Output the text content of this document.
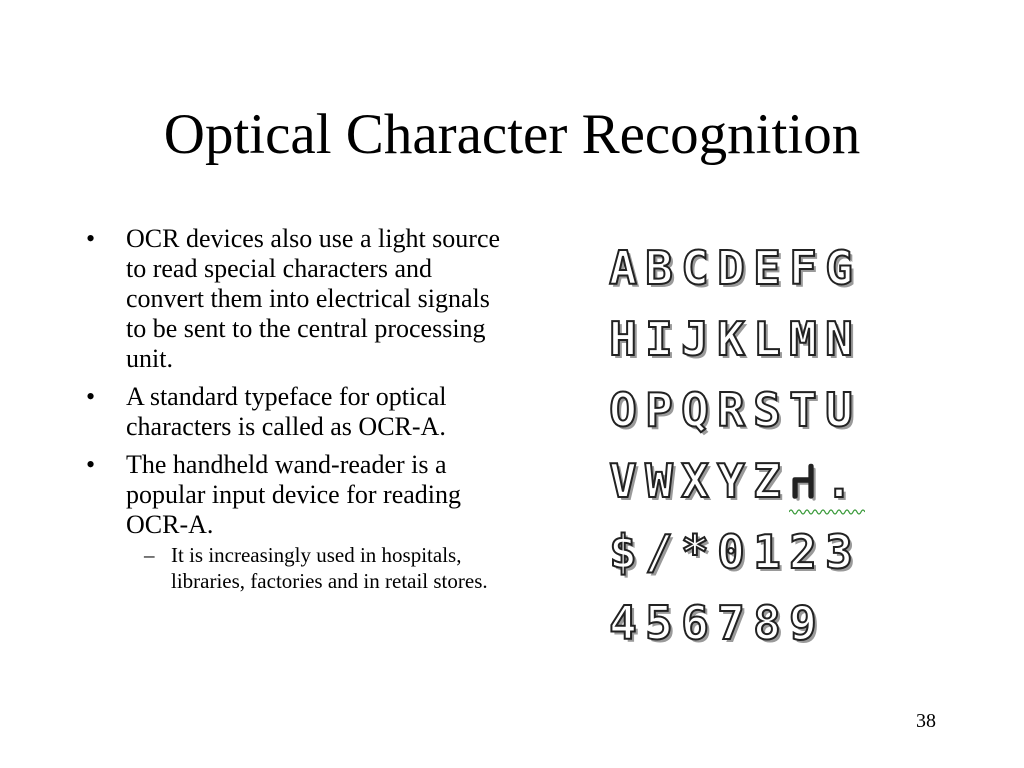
Optical Character Recognition
• OCR devices also use a light source to read special characters and convert them into electrical signals to be sent to the central processing unit.
• A standard typeface for optical characters is called as OCR-A.
• The handheld wand-reader is a popular input device for reading OCR-A.
– It is increasingly used in hospitals, libraries, factories and in retail stores.
A B C D E F G
H I J K L M N
O P Q R S T U
V W X Y Z ⑁ .
$ / * 0 1 2 3
4 5 6 7 8 9
38
